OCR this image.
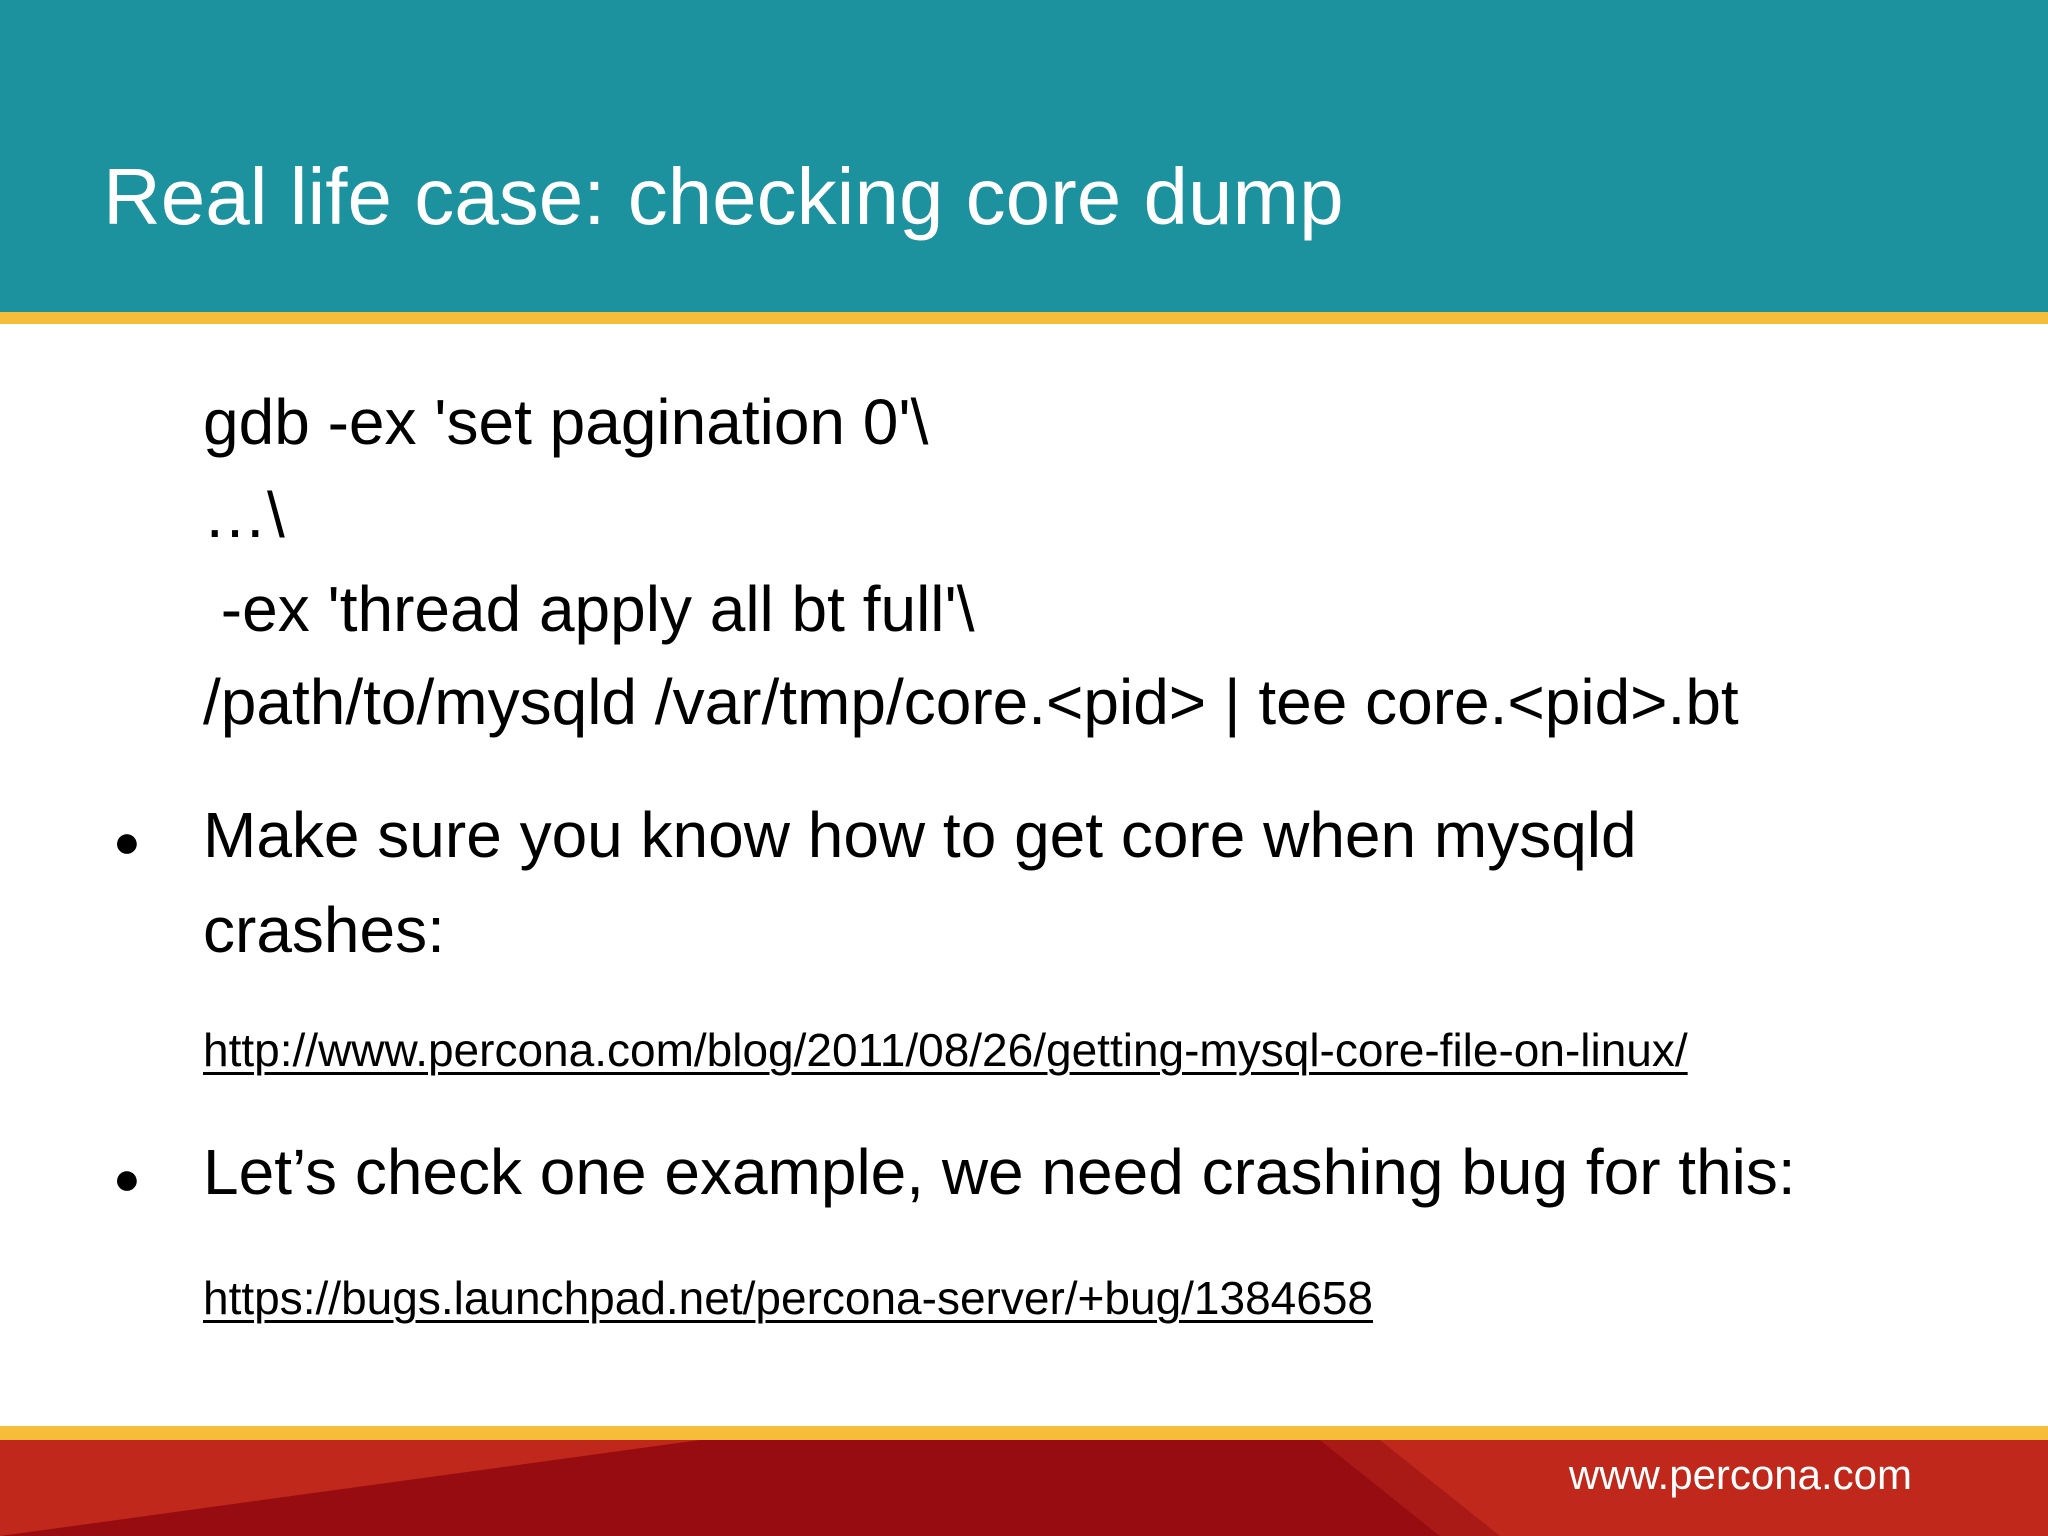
Real life case: checking core dump
gdb -ex 'set pagination 0'\
…\
-ex 'thread apply all bt full'\
/path/to/mysqld /var/tmp/core.<pid> | tee core.<pid>.bt
● Make sure you know how to get core when mysqld
crashes:
http://www.percona.com/blog/2011/08/26/getting-mysql-core-file-on-linux/
● Let’s check one example, we need crashing bug for this:
https://bugs.launchpad.net/percona-server/+bug/1384658
www.percona.com
